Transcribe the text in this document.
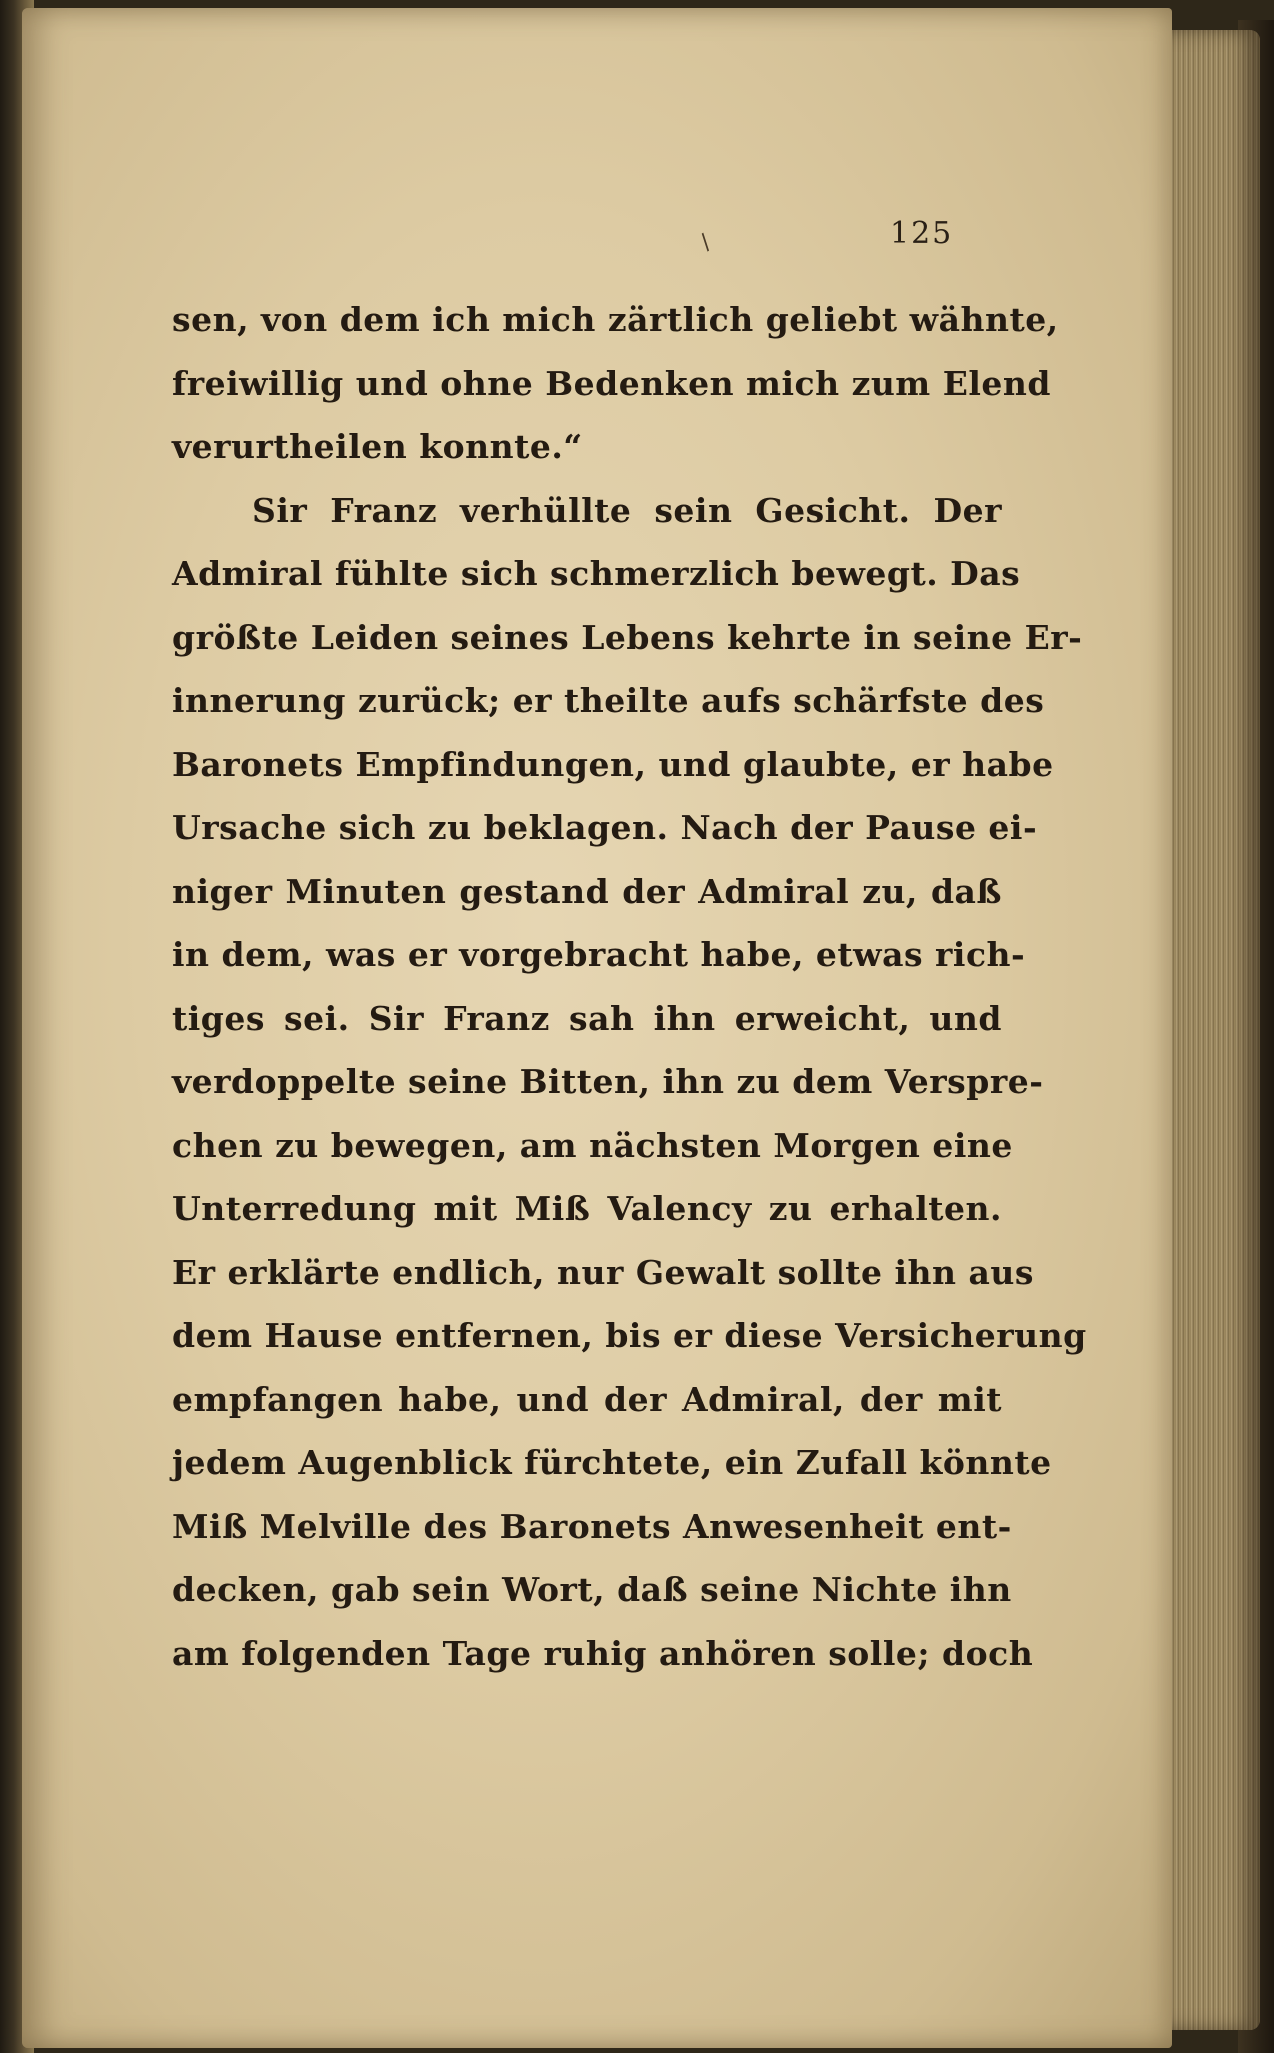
/	125
sen, von dem ich mich zärtlich geliebt wähnte,
freiwillig und ohne Bedenken mich zum Elend
verurtheilen konnte.“
Sir Franz verhüllte sein Gesicht. Der
Admiral fühlte sich schmerzlich bewegt. Das
größte Leiden seines Lebens kehrte in seine Er-
innerung zurück; er theilte aufs schärfste des
Baronets Empfindungen, und glaubte, er habe
Ursache sich zu beklagen. Nach der Pause ei-
niger Minuten gestand der Admiral zu, daß
in dem, was er vorgebracht habe, etwas rich-
tiges sei. Sir Franz sah ihn erweicht, und
verdoppelte seine Bitten, ihn zu dem Verspre-
chen zu bewegen, am nächsten Morgen eine
Unterredung mit Miß Valency zu erhalten.
Er erklärte endlich, nur Gewalt sollte ihn aus
dem Hause entfernen, bis er diese Versicherung
empfangen habe, und der Admiral, der mit
jedem Augenblick fürchtete, ein Zufall könnte
Miß Melville des Baronets Anwesenheit ent-
decken, gab sein Wort, daß seine Nichte ihn
am folgenden Tage ruhig anhören solle; doch
